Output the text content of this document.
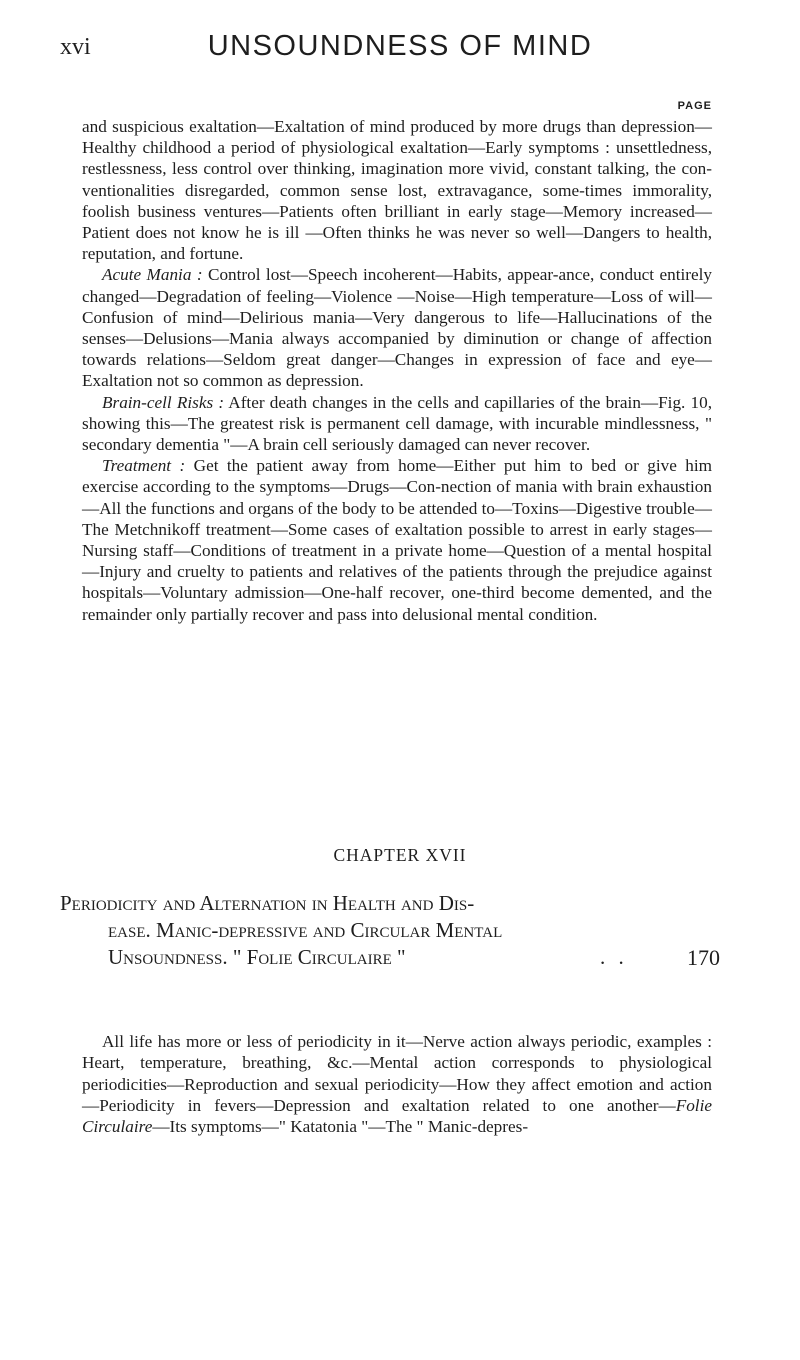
xvi	UNSOUNDNESS OF MIND
PAGE

and suspicious exaltation—Exaltation of mind produced by more drugs than depression—Healthy childhood a period of physiological exaltation—Early symptoms : unsettledness, restlessness, less control over thinking, imagination more vivid, constant talking, the con-ventionalities disregarded, common sense lost, extravagance, some-times immorality, foolish business ventures—Patients often brilliant in early stage—Memory increased—Patient does not know he is ill —Often thinks he was never so well—Dangers to health, reputation, and fortune.

Acute Mania : Control lost—Speech incoherent—Habits, appear-ance, conduct entirely changed—Degradation of feeling—Violence —Noise—High temperature—Loss of will—Confusion of mind—Delirious mania—Very dangerous to life—Hallucinations of the senses—Delusions—Mania always accompanied by diminution or change of affection towards relations—Seldom great danger—Changes in expression of face and eye—Exaltation not so common as depression.

Brain-cell Risks : After death changes in the cells and capillaries of the brain—Fig. 10, showing this—The greatest risk is permanent cell damage, with incurable mindlessness, " secondary dementia "—A brain cell seriously damaged can never recover.

Treatment : Get the patient away from home—Either put him to bed or give him exercise according to the symptoms—Drugs—Con-nection of mania with brain exhaustion—All the functions and organs of the body to be attended to—Toxins—Digestive trouble—The Metchnikoff treatment—Some cases of exaltation possible to arrest in early stages—Nursing staff—Conditions of treatment in a private home—Question of a mental hospital—Injury and cruelty to patients and relatives of the patients through the prejudice against hospitals—Voluntary admission—One-half recover, one-third become demented, and the remainder only partially recover and pass into delusional mental condition.

CHAPTER XVII
Periodicity and Alternation in Health and Dis-
ease. Manic-depressive and Circular Mental
Unsoundness. " Folie Circulaire "	. .	170

All life has more or less of periodicity in it—Nerve action always periodic, examples : Heart, temperature, breathing, &c.—Mental action corresponds to physiological periodicities—Reproduction and sexual periodicity—How they affect emotion and action—Periodicity in fevers—Depression and exaltation related to one another—Folie Circulaire—Its symptoms—" Katatonia "—The " Manic-depres-
